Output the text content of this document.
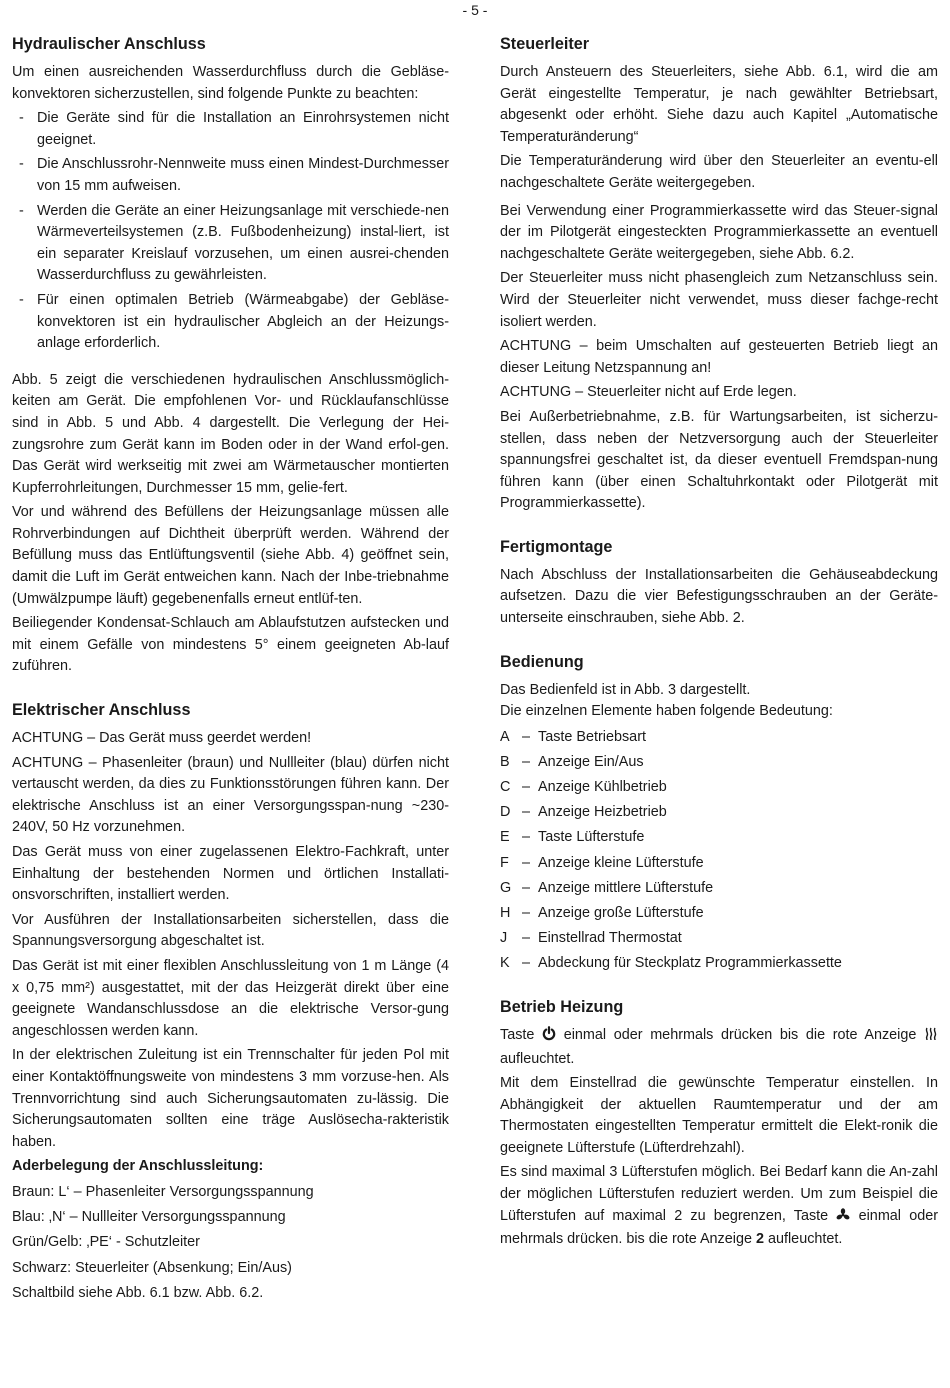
- 5 -
Hydraulischer Anschluss

Um einen ausreichenden Wasserdurchfluss durch die Gebläse-konvektoren sicherzustellen, sind folgende Punkte zu beachten:

- Die Geräte sind für die Installation an Einrohrsystemen nicht geeignet.
- Die Anschlussrohr-Nennweite muss einen Mindest-Durchmesser von 15 mm aufweisen.
- Werden die Geräte an einer Heizungsanlage mit verschiede-nen Wärmeverteilsystemen (z.B. Fußbodenheizung) instal-liert, ist ein separater Kreislauf vorzusehen, um einen ausrei-chenden Wasserdurchfluss zu gewährleisten.
- Für einen optimalen Betrieb (Wärmeabgabe) der Gebläse-konvektoren ist ein hydraulischer Abgleich an der Heizungs-anlage erforderlich.

Abb. 5 zeigt die verschiedenen hydraulischen Anschlussmöglich-keiten am Gerät. Die empfohlenen Vor- und Rücklaufanschlüsse sind in Abb. 5 und Abb. 4 dargestellt. Die Verlegung der Hei-zungsrohre zum Gerät kann im Boden oder in der Wand erfol-gen. Das Gerät wird werkseitig mit zwei am Wärmetauscher montierten Kupferrohrleitungen, Durchmesser 15 mm, gelie-fert.

Vor und während des Befüllens der Heizungsanlage müssen alle Rohrverbindungen auf Dichtheit überprüft werden. Während der Befüllung muss das Entlüftungsventil (siehe Abb. 4) geöffnet sein, damit die Luft im Gerät entweichen kann. Nach der Inbe-triebnahme (Umwälzpumpe läuft) gegebenenfalls erneut entlüf-ten.

Beiliegender Kondensat-Schlauch am Ablaufstutzen aufstecken und mit einem Gefälle von mindestens 5° einem geeigneten Ab-lauf zuführen.

Elektrischer Anschluss

ACHTUNG – Das Gerät muss geerdet werden!

ACHTUNG – Phasenleiter (braun) und Nullleiter (blau) dürfen nicht vertauscht werden, da dies zu Funktionsstörungen führen kann. Der elektrische Anschluss ist an einer Versorgungsspan-nung ~230-240V, 50 Hz vorzunehmen.

Das Gerät muss von einer zugelassenen Elektro-Fachkraft, unter Einhaltung der bestehenden Normen und örtlichen Installati-onsvorschriften, installiert werden.

Vor Ausführen der Installationsarbeiten sicherstellen, dass die Spannungsversorgung abgeschaltet ist.

Das Gerät ist mit einer flexiblen Anschlussleitung von 1 m Länge (4 x 0,75 mm²) ausgestattet, mit der das Heizgerät direkt über eine geeignete Wandanschlussdose an die elektrische Versor-gung angeschlossen werden kann.

In der elektrischen Zuleitung ist ein Trennschalter für jeden Pol mit einer Kontaktöffnungsweite von mindestens 3 mm vorzuse-hen. Als Trennvorrichtung sind auch Sicherungsautomaten zu-lässig. Die Sicherungsautomaten sollten eine träge Auslösecha-rakteristik haben.

Aderbelegung der Anschlussleitung:

Braun: L‘ – Phasenleiter Versorgungsspannung

Blau: ‚N‘ – Nullleiter Versorgungsspannung

Grün/Gelb: ‚PE‘ - Schutzleiter

Schwarz: Steuerleiter (Absenkung; Ein/Aus)

Schaltbild siehe Abb. 6.1 bzw. Abb. 6.2.

Steuerleiter

Durch Ansteuern des Steuerleiters, siehe Abb. 6.1, wird die am Gerät eingestellte Temperatur, je nach gewählter Betriebsart, abgesenkt oder erhöht. Siehe dazu auch Kapitel „Automatische Temperaturänderung“

Die Temperaturänderung wird über den Steuerleiter an eventu-ell nachgeschaltete Geräte weitergegeben.

Bei Verwendung einer Programmierkassette wird das Steuer-signal der im Pilotgerät eingesteckten Programmierkassette an eventuell nachgeschaltete Geräte weitergegeben, siehe Abb. 6.2.

Der Steuerleiter muss nicht phasengleich zum Netzanschluss sein. Wird der Steuerleiter nicht verwendet, muss dieser fachge-recht isoliert werden.

ACHTUNG – beim Umschalten auf gesteuerten Betrieb liegt an dieser Leitung Netzspannung an!

ACHTUNG – Steuerleiter nicht auf Erde legen.

Bei Außerbetriebnahme, z.B. für Wartungsarbeiten, ist sicherzu-stellen, dass neben der Netzversorgung auch der Steuerleiter spannungsfrei geschaltet ist, da dieser eventuell Fremdspan-nung führen kann (über einen Schaltuhrkontakt oder Pilotgerät mit Programmierkassette).

Fertigmontage

Nach Abschluss der Installationsarbeiten die Gehäuseabdeckung aufsetzen. Dazu die vier Befestigungsschrauben an der Geräte-unterseite einschrauben, siehe Abb. 2.

Bedienung

Das Bedienfeld ist in Abb. 3 dargestellt.

Die einzelnen Elemente haben folgende Bedeutung:

A – Taste Betriebsart
B – Anzeige Ein/Aus
C – Anzeige Kühlbetrieb
D – Anzeige Heizbetrieb
E – Taste Lüfterstufe
F – Anzeige kleine Lüfterstufe
G – Anzeige mittlere Lüfterstufe
H – Anzeige große Lüfterstufe
J	– Einstellrad Thermostat
K – Abdeckung für Steckplatz Programmierkassette
Betrieb Heizung

Taste einmal oder mehrmals drücken bis die rote Anzeige  aufleuchtet.

Mit dem Einstellrad die gewünschte Temperatur einstellen. In Abhängigkeit der aktuellen Raumtemperatur und der am Thermostaten eingestellten Temperatur ermittelt die Elekt-ronik die geeignete Lüfterstufe (Lüfterdrehzahl).

Es sind maximal 3 Lüfterstufen möglich. Bei Bedarf kann die An-zahl der möglichen Lüfterstufen reduziert werden. Um zum Beispiel die Lüfterstufen auf maximal 2 zu begrenzen, Taste einmal oder mehrmals drücken. bis die rote Anzeige 2 aufleuchtet.
